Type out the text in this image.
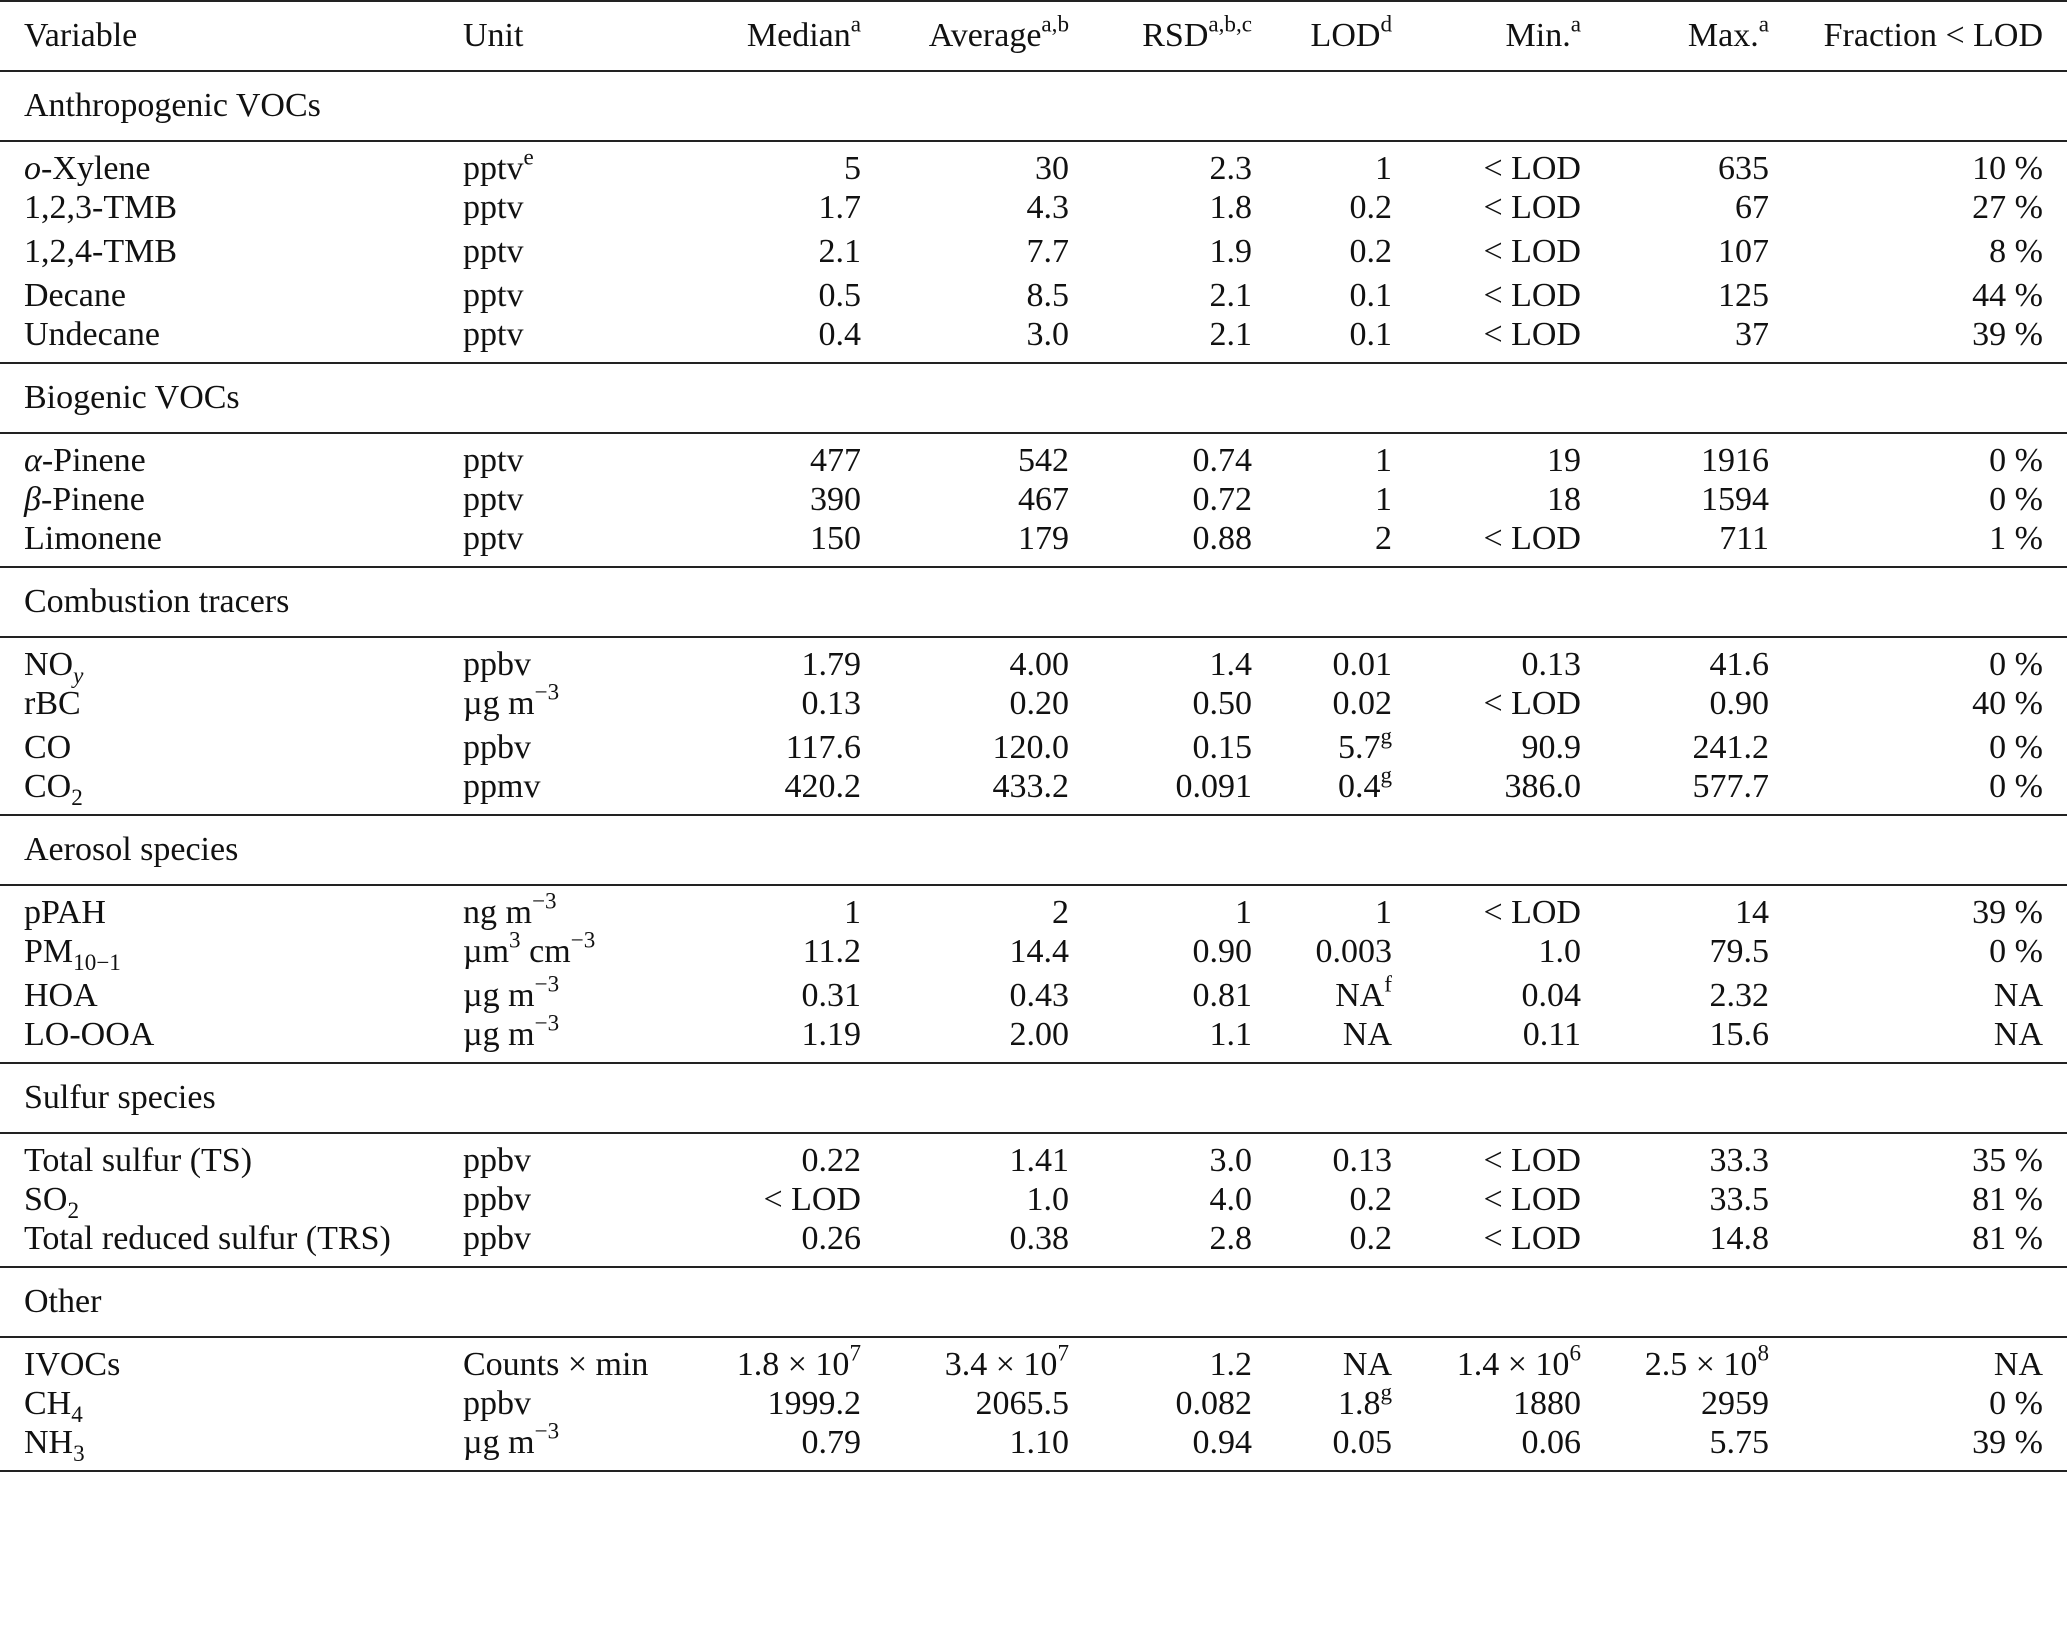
Variable	Unit	Median$^a$	Average$^{a,b}$	RSD$^{a,b,c}$	LOD$^d$	Min.$^a$	Max.$^a$	Fraction < LOD
Anthropogenic VOCs								
o-Xylene	pptv$^e$	5	30	2.3	1	< LOD	635	10 %
1,2,3-TMB	pptv	1.7	4.3	1.8	0.2	< LOD	67	27 %
1,2,4-TMB	pptv	2.1	7.7	1.9	0.2	< LOD	107	8 %
Decane	pptv	0.5	8.5	2.1	0.1	< LOD	125	44 %
Undecane	pptv	0.4	3.0	2.1	0.1	< LOD	37	39 %
Biogenic VOCs								
α-Pinene	pptv	477	542	0.74	1	19	1916	0 %
β-Pinene	pptv	390	467	0.72	1	18	1594	0 %
Limonene	pptv	150	179	0.88	2	< LOD	711	1 %
Combustion tracers								
$NO_y$	ppbv	1.79	4.00	1.4	0.01	0.13	41.6	0 %
rBC	µg $m^{-3}$	0.13	0.20	0.50	0.02	< LOD	0.90	40 %
CO	ppbv	117.6	120.0	0.15	5.7$^g$	90.9	241.2	0 %
$CO_2$	ppmv	420.2	433.2	0.091	0.4$^g$	386.0	577.7	0 %
Aerosol species								
pPAH	ng $m^{-3}$	1	2	1	1	< LOD	14	39 %
$PM_{10-1}$	µm$^3$ $cm^{-3}$	11.2	14.4	0.90	0.003	1.0	79.5	0 %
HOA	µg $m^{-3}$	0.31	0.43	0.81	$NA^f$	0.04	2.32	NA
LO-OOA	µg $m^{-3}$	1.19	2.00	1.1	NA	0.11	15.6	NA
Sulfur species								
Total sulfur (TS)	ppbv	0.22	1.41	3.0	0.13	< LOD	33.3	35 %
$SO_2$	ppbv	< LOD	1.0	4.0	0.2	< LOD	33.5	81 %
Total reduced sulfur (TRS)	ppbv	0.26	0.38	2.8	0.2	< LOD	14.8	81 %
Other								
IVOCs	Counts × min	$1.8 \times 10^7$	$3.4 \times 10^7$	1.2	NA	$1.4 \times 10^6$	$2.5 \times 10^8$	NA
$CH_4$	ppbv	1999.2	2065.5	0.082	1.8$^g$	1880	2959	0 %
$NH_3$	µg $m^{-3}$	0.79	1.10	0.94	0.05	0.06	5.75	39 %
